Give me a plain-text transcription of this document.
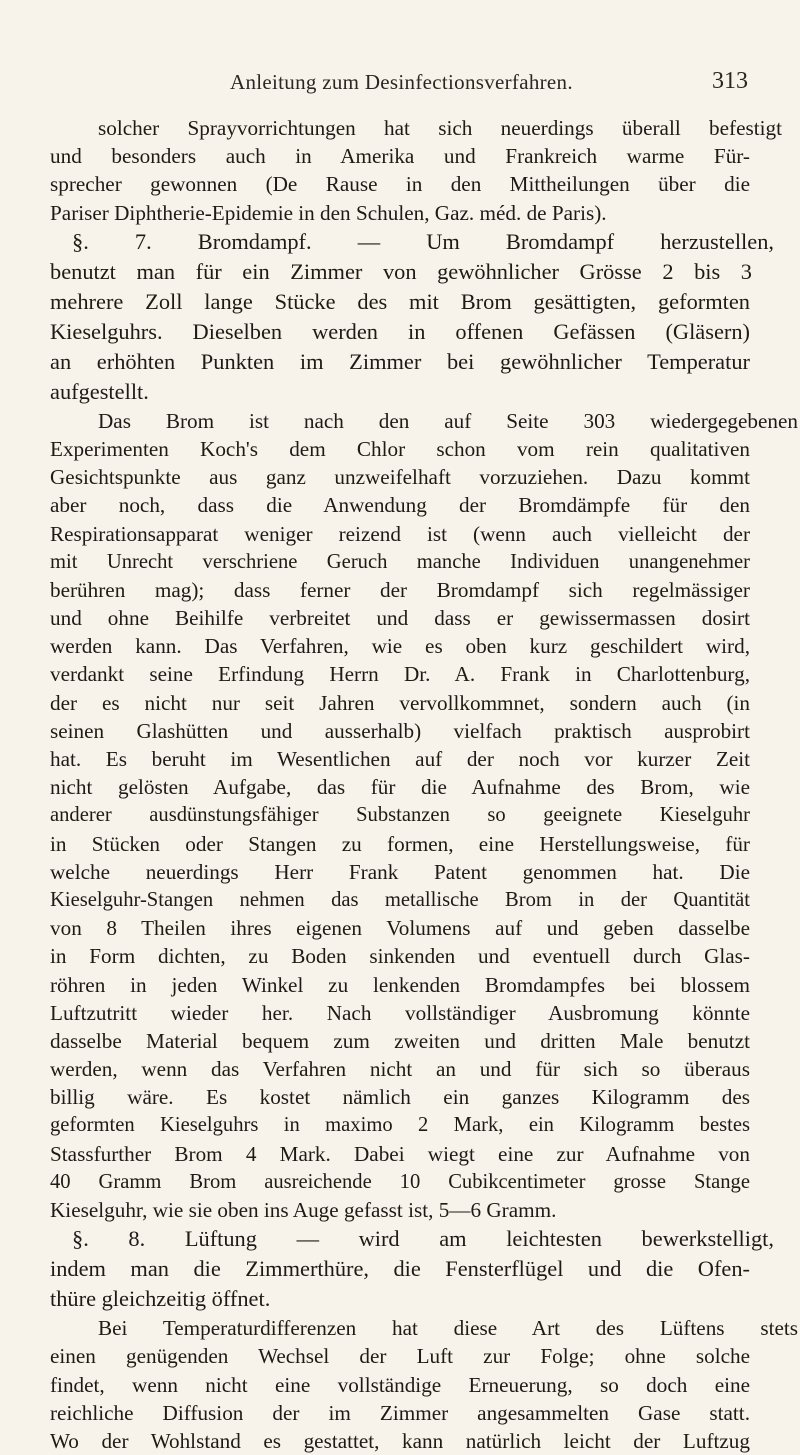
Anleitung zum Desinfectionsverfahren.	313
solcher Sprayvorrichtungen hat sich neuerdings überall befestigt
und besonders auch in Amerika und Frankreich warme Für-
sprecher gewonnen (De Rause in den Mittheilungen über die
Pariser Diphtherie-Epidemie in den Schulen, Gaz. méd. de Paris).
§. 7. Bromdampf. — Um Bromdampf herzustellen,
benutzt man für ein Zimmer von gewöhnlicher Grösse 2 bis 3
mehrere Zoll lange Stücke des mit Brom gesättigten, geformten
Kieselguhrs. Dieselben werden in offenen Gefässen (Gläsern)
an erhöhten Punkten im Zimmer bei gewöhnlicher Temperatur
aufgestellt.
Das Brom ist nach den auf Seite 303 wiedergegebenen
Experimenten Koch's dem Chlor schon vom rein qualitativen
Gesichtspunkte aus ganz unzweifelhaft vorzuziehen. Dazu kommt
aber noch, dass die Anwendung der Bromdämpfe für den
Respirationsapparat weniger reizend ist (wenn auch vielleicht der
mit Unrecht verschriene Geruch manche Individuen unangenehmer
berühren mag); dass ferner der Bromdampf sich regelmässiger
und ohne Beihilfe verbreitet und dass er gewissermassen dosirt
werden kann. Das Verfahren, wie es oben kurz geschildert wird,
verdankt seine Erfindung Herrn Dr. A. Frank in Charlottenburg,
der es nicht nur seit Jahren vervollkommnet, sondern auch (in
seinen Glashütten und ausserhalb) vielfach praktisch ausprobirt
hat. Es beruht im Wesentlichen auf der noch vor kurzer Zeit
nicht gelösten Aufgabe, das für die Aufnahme des Brom, wie
anderer ausdünstungsfähiger Substanzen so geeignete Kieselguhr
in Stücken oder Stangen zu formen, eine Herstellungsweise, für
welche neuerdings Herr Frank Patent genommen hat. Die
Kieselguhr-Stangen nehmen das metallische Brom in der Quantität
von 8 Theilen ihres eigenen Volumens auf und geben dasselbe
in Form dichten, zu Boden sinkenden und eventuell durch Glas-
röhren in jeden Winkel zu lenkenden Bromdampfes bei blossem
Luftzutritt wieder her. Nach vollständiger Ausbromung könnte
dasselbe Material bequem zum zweiten und dritten Male benutzt
werden, wenn das Verfahren nicht an und für sich so überaus
billig wäre. Es kostet nämlich ein ganzes Kilogramm des
geformten Kieselguhrs in maximo 2 Mark, ein Kilogramm bestes
Stassfurther Brom 4 Mark. Dabei wiegt eine zur Aufnahme von
40 Gramm Brom ausreichende 10 Cubikcentimeter grosse Stange
Kieselguhr, wie sie oben ins Auge gefasst ist, 5—6 Gramm.
§. 8. Lüftung — wird am leichtesten bewerkstelligt,
indem man die Zimmerthüre, die Fensterflügel und die Ofen-
thüre gleichzeitig öffnet.
Bei Temperaturdifferenzen hat diese Art des Lüftens stets
einen genügenden Wechsel der Luft zur Folge; ohne solche
findet, wenn nicht eine vollständige Erneuerung, so doch eine
reichliche Diffusion der im Zimmer angesammelten Gase statt.
Wo der Wohlstand es gestattet, kann natürlich leicht der Luftzug
